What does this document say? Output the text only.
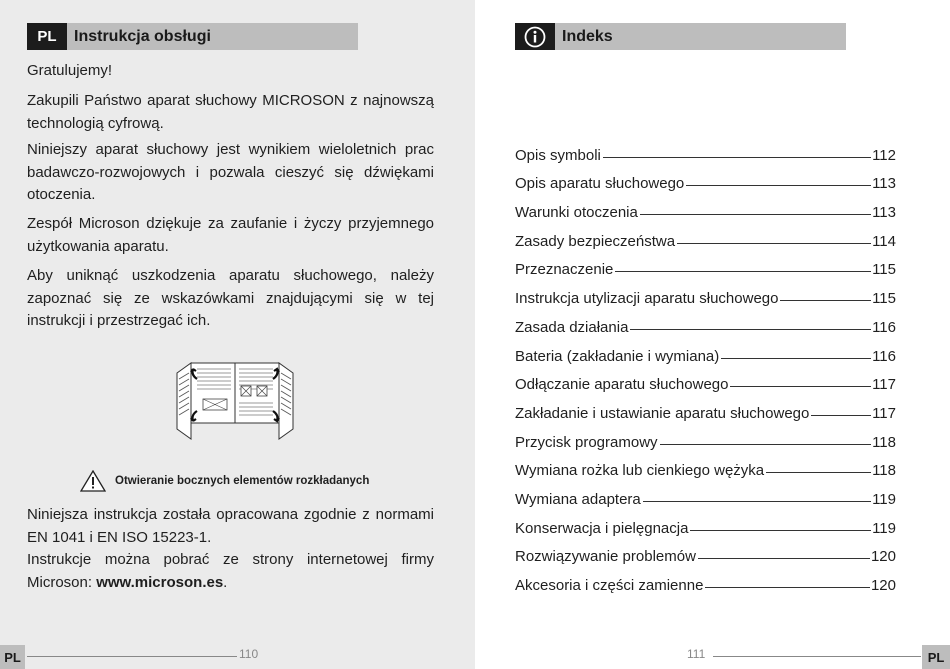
PL	Instrukcja obsługi
Gratulujemy!
Zakupili Państwo aparat słuchowy MICROSON z najnowszą technologią cyfrową.
Niniejszy aparat słuchowy jest wynikiem wieloletnich prac badawczo-rozwojowych i pozwala cieszyć się dźwiękami otoczenia.
Zespół Microson dziękuje za zaufanie i życzy przyjemnego użytkowania aparatu.
Aby uniknąć uszkodzenia aparatu słuchowego, należy zapoznać się ze wskazówkami znajdującymi się w tej instrukcji i przestrzegać ich.
Otwieranie bocznych elementów rozkładanych
Niniejsza instrukcja została opracowana zgodnie z normami EN 1041 i EN ISO 15223-1.
Instrukcje można pobrać ze strony internetowej firmy Microson: www.microson.es.
PL	110
Indeks
Opis symboli	112
Opis aparatu słuchowego	113
Warunki otoczenia	113
Zasady bezpieczeństwa	114
Przeznaczenie	115
Instrukcja utylizacji aparatu słuchowego	115
Zasada działania	116
Bateria (zakładanie i wymiana)	116
Odłączanie aparatu słuchowego	117
Zakładanie i ustawianie aparatu słuchowego	117
Przycisk programowy	118
Wymiana rożka lub cienkiego wężyka	118
Wymiana adaptera	119
Konserwacja i pielęgnacja	119
Rozwiązywanie problemów	120
Akcesoria i części zamienne	120
111	PL
